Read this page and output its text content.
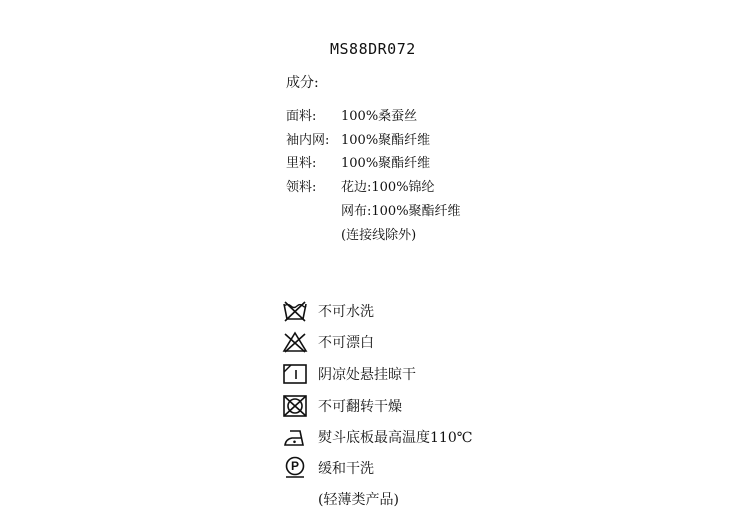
MS88DR072
成分:
面料: 100%桑蚕丝
袖内网: 100%聚酯纤维
里料: 100%聚酯纤维
领料: 花边:100%锦纶
网布:100%聚酯纤维
(连接线除外)
不可水洗
不可漂白
阴凉处悬挂晾干
不可翻转干燥
熨斗底板最高温度110℃
P 缓和干洗
(轻薄类产品)
